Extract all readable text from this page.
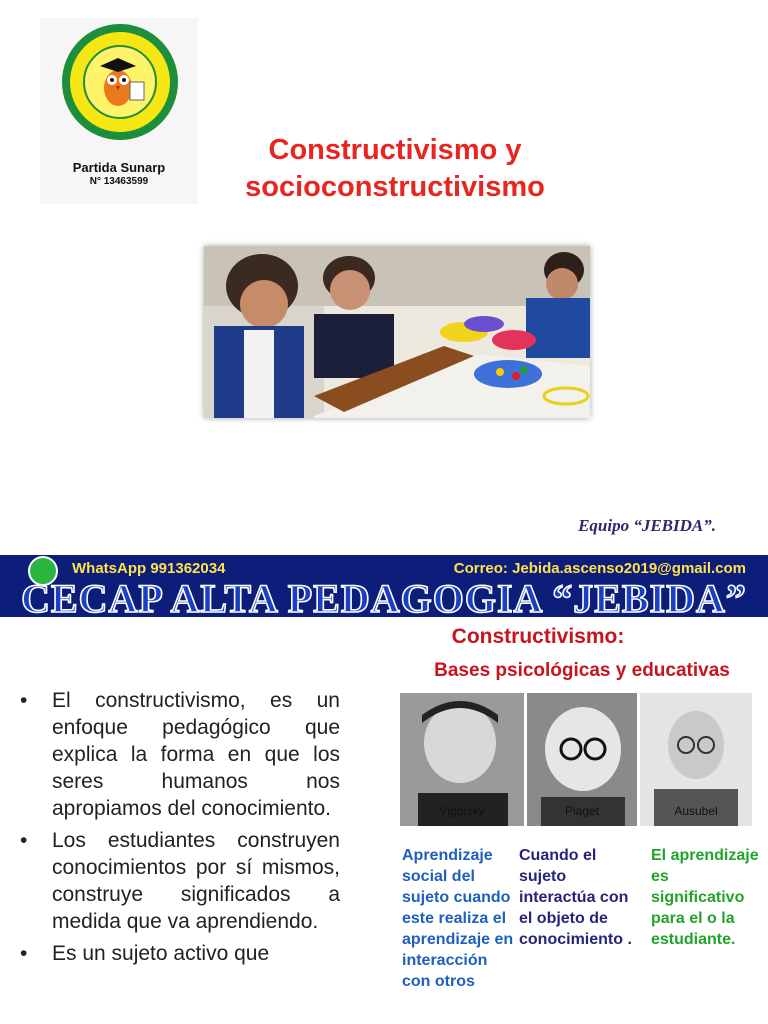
Partida Sunarp
N° 13463599
Constructivismo y
socioconstructivismo
Equipo “JEBIDA”.
WhatsApp 991362034	Correo: Jebida.ascenso2019@gmail.com
CECAP ALTA PEDAGOGIA “JEBIDA”
Constructivismo:
Bases psicológicas y educativas
• El constructivismo, es un enfoque pedagógico que explica la forma en que los seres humanos nos apropiamos del conocimiento.
• Los estudiantes construyen conocimientos por sí mismos, construye significados a medida que va aprendiendo.
• Es un sujeto activo que
Vigotsky	Piaget	Ausubel
Aprendizaje social del sujeto cuando este realiza el aprendizaje en interacción con otros
Cuando el sujeto interactúa con el objeto de conocimiento .
El aprendizaje es significativo para el o la estudiante.
